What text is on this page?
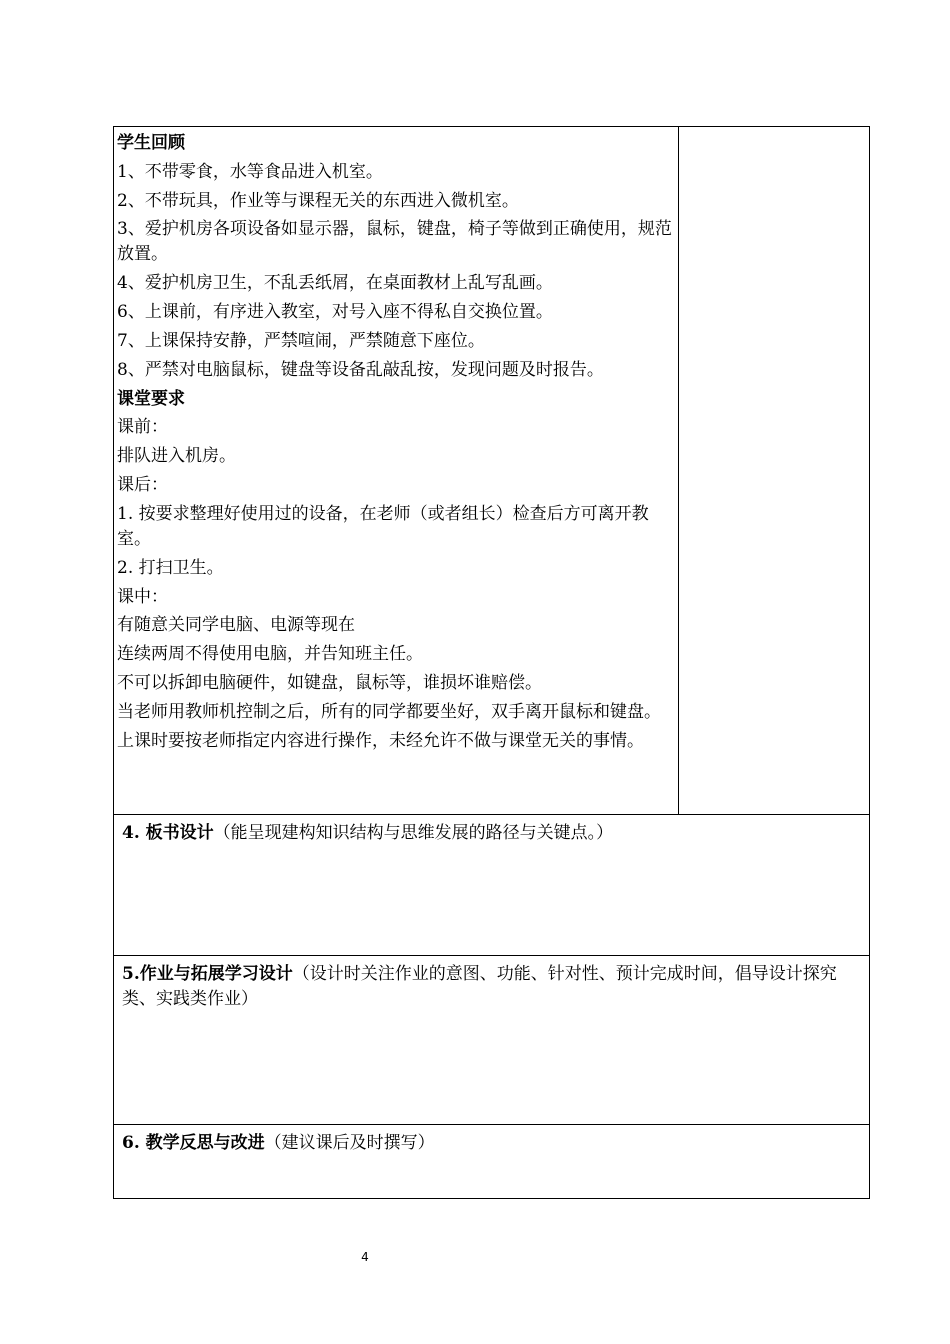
学生回顾
1、不带零食，水等食品进入机室。
2、不带玩具，作业等与课程无关的东西进入微机室。
3、爱护机房各项设备如显示器，鼠标，键盘，椅子等做到正确使用，规范放置。
4、爱护机房卫生，不乱丢纸屑，在桌面教材上乱写乱画。
6、上课前，有序进入教室，对号入座不得私自交换位置。
7、上课保持安静，严禁喧闹，严禁随意下座位。
8、严禁对电脑鼠标，键盘等设备乱敲乱按，发现问题及时报告。
课堂要求
课前：
排队进入机房。
课后：
1. 按要求整理好使用过的设备，在老师（或者组长）检查后方可离开教室。
2. 打扫卫生。
课中：
有随意关同学电脑、电源等现在
连续两周不得使用电脑，并告知班主任。
不可以拆卸电脑硬件，如键盘，鼠标等，谁损坏谁赔偿。
当老师用教师机控制之后，所有的同学都要坐好，双手离开鼠标和键盘。
上课时要按老师指定内容进行操作，未经允许不做与课堂无关的事情。

4. 板书设计（能呈现建构知识结构与思维发展的路径与关键点。）

5.作业与拓展学习设计（设计时关注作业的意图、功能、针对性、预计完成时间，倡导设计探究类、实践类作业）

6. 教学反思与改进（建议课后及时撰写）
4
